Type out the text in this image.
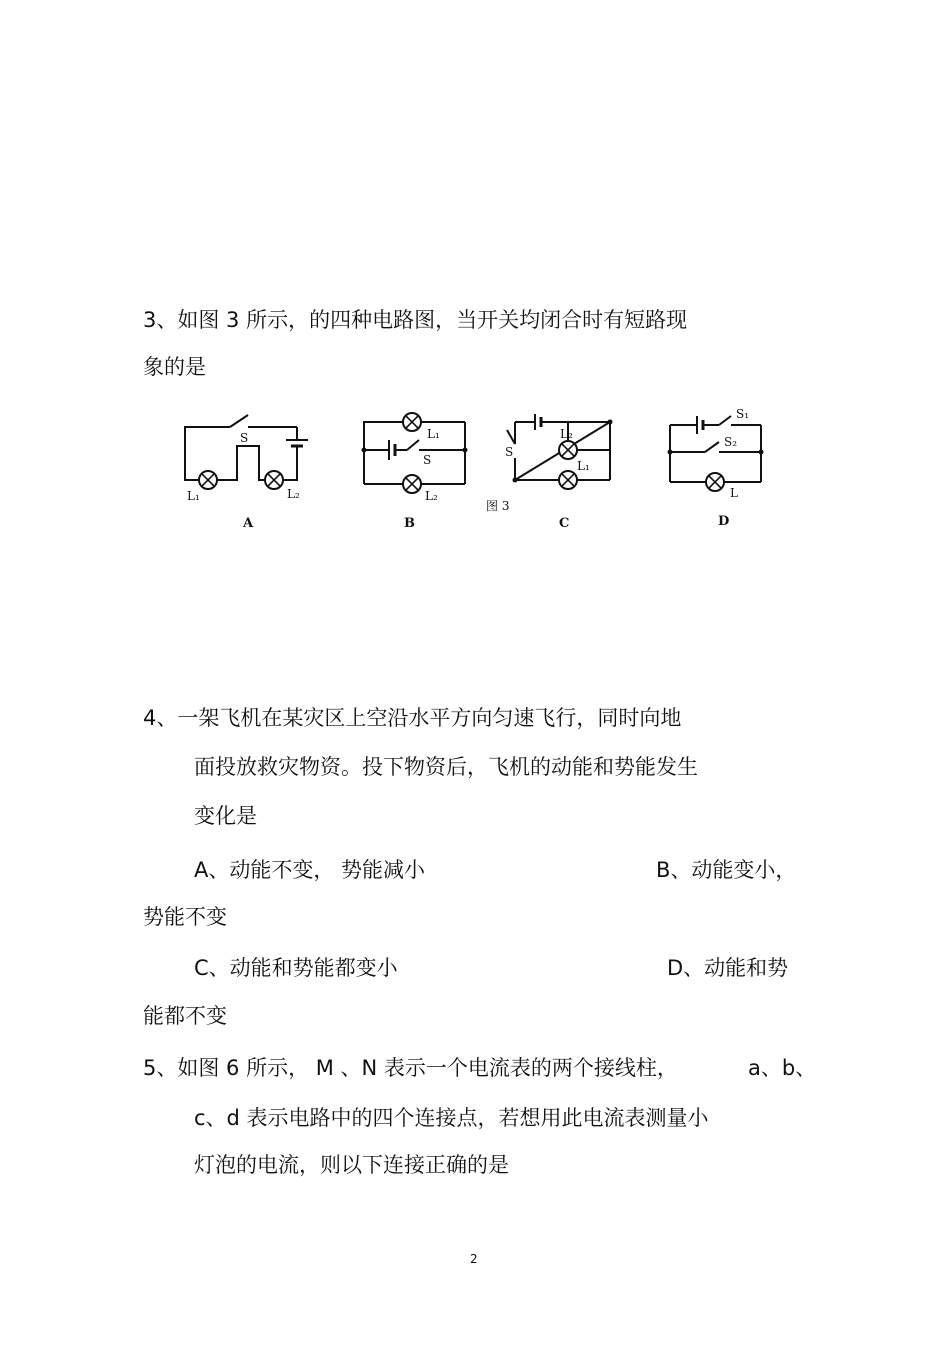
3、如图 3 所示，的四种电路图，当开关均闭合时有短路现
象的是
S
L₁	L₂
A
L₁
S
L₂
B
图 3
S
L₂
L₁
C
S₁
S₂
L
D
4、一架飞机在某灾区上空沿水平方向匀速飞行，同时向地
面投放救灾物资。投下物资后，飞机的动能和势能发生
变化是
A、动能不变， 势能减小	B、动能变小，
势能不变
C、动能和势能都变小	D、动能和势
能都不变
5、如图 6 所示， M 、N 表示一个电流表的两个接线柱，	a、b、
c、d 表示电路中的四个连接点，若想用此电流表测量小
灯泡的电流，则以下连接正确的是
2
